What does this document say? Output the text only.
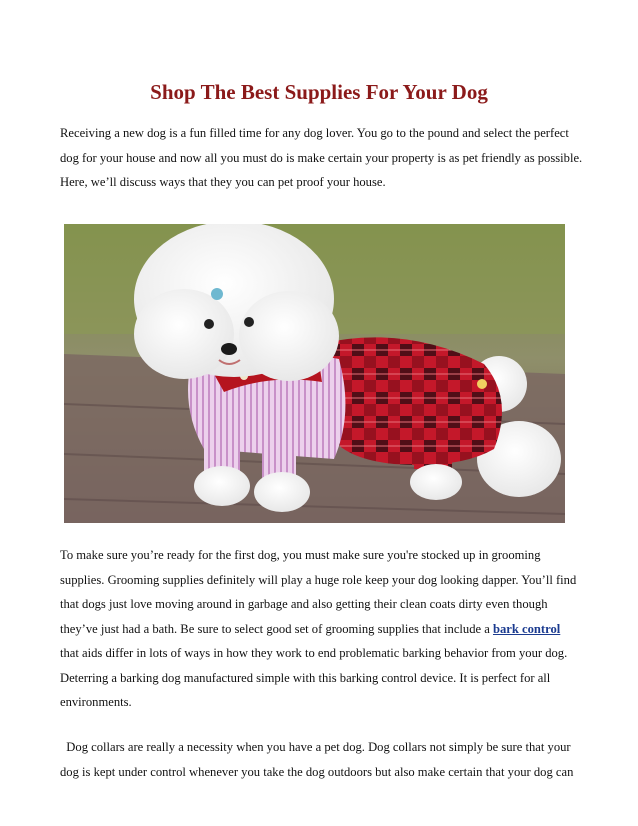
Shop The Best Supplies For Your Dog
Receiving a new dog is a fun filled time for any dog lover. You go to the pound and select the perfect
dog for your house and now all you must do is make certain your property is as pet friendly as possible.
Here, we’ll discuss ways that they you can pet proof your house.
To make sure you’re ready for the first dog, you must make sure you're stocked up in grooming
supplies. Grooming supplies definitely will play a huge role keep your dog looking dapper. You’ll find
that dogs just love moving around in garbage and also getting their clean coats dirty even though
they’ve just had a bath. Be sure to select good set of grooming supplies that include a bark control
that aids differ in lots of ways in how they work to end problematic barking behavior from your dog.
Deterring a barking dog manufactured simple with this barking control device. It is perfect for all
environments.
Dog collars are really a necessity when you have a pet dog. Dog collars not simply be sure that your
dog is kept under control whenever you take the dog outdoors but also make certain that your dog can
